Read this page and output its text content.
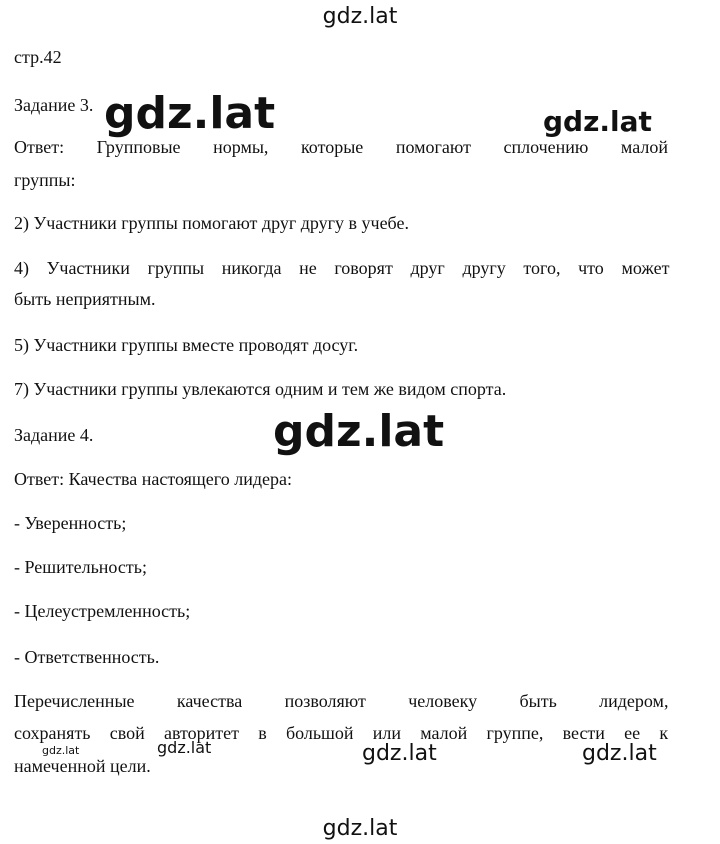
gdz.lat
стр.42
Задание 3. gdz.lat	gdz.lat
Ответ: Групповые нормы, которые помогают сплочению малой
группы:
2) Участники группы помогают друг другу в учебе.
4) Участники группы никогда не говорят друг другу того, что может
быть неприятным.
5) Участники группы вместе проводят досуг.
7) Участники группы увлекаются одним и тем же видом спорта.
Задание 4.	gdz.lat
Ответ: Качества настоящего лидера:
- Уверенность;
- Решительность;
- Целеустремленность;
- Ответственность.
Перечисленные качества позволяют человеку быть лидером,
сохранять свой авторитет в большой или малой группе, вести ее к
намеченной цели.
gdz.lat	gdz.lat	gdz.lat	gdz.lat
gdz.lat
